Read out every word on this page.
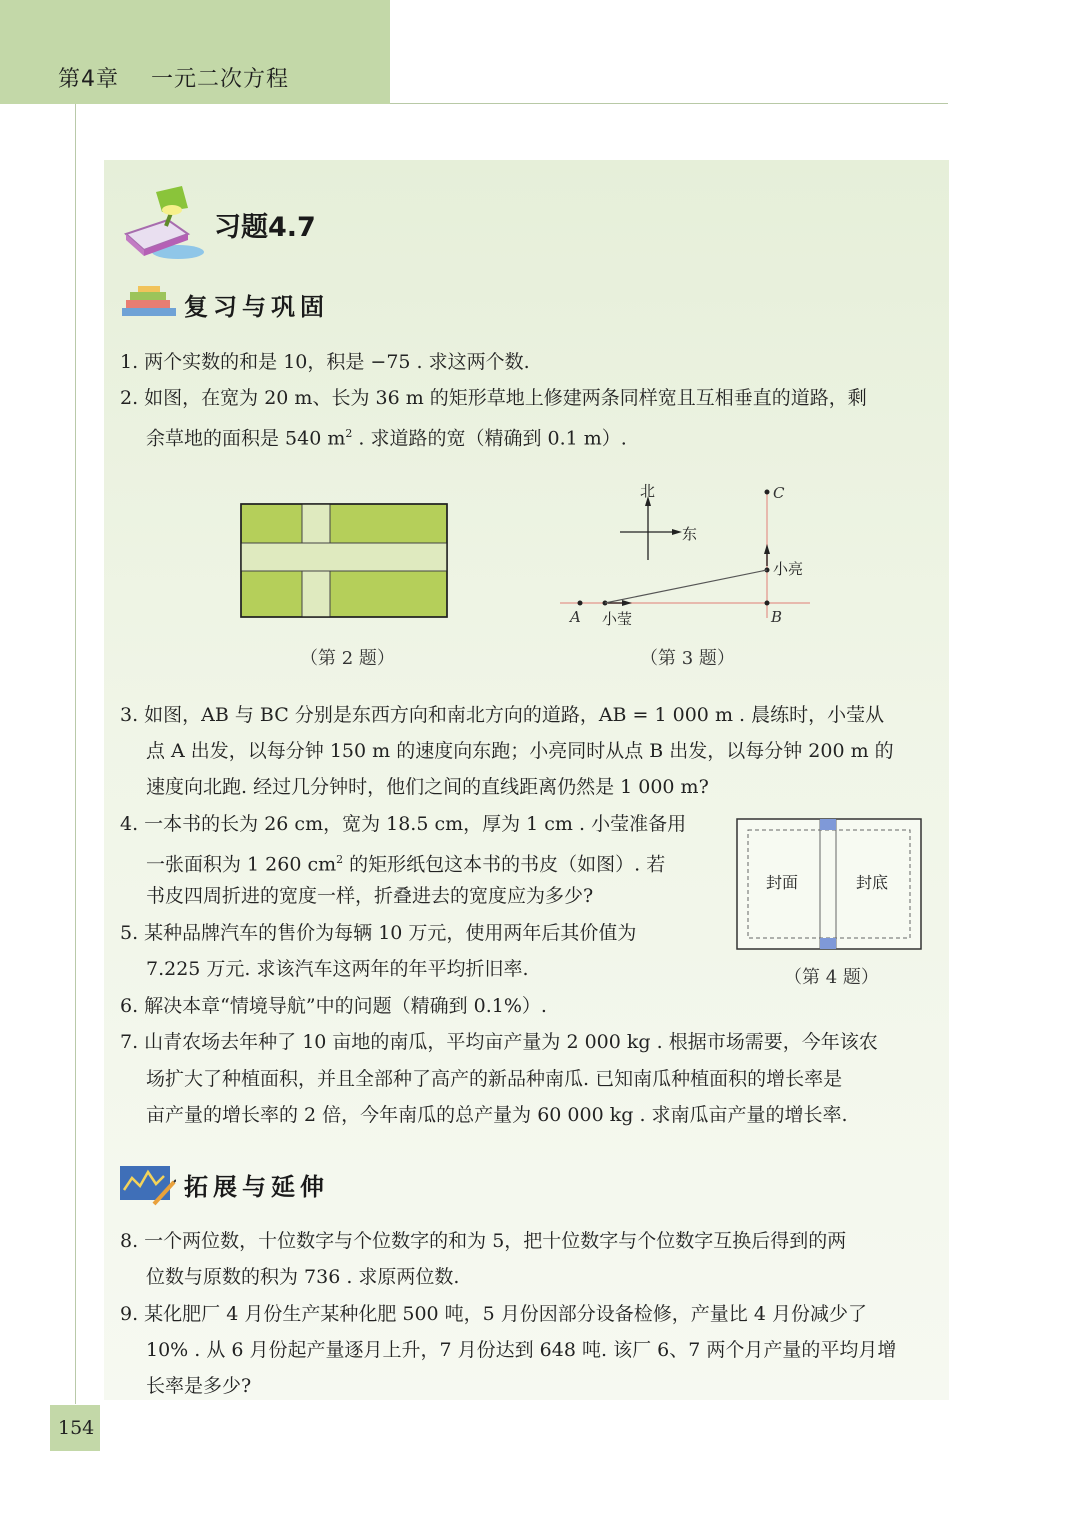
第4章    一元二次方程
习题4.7
复习与巩固
1. 两个实数的和是 10，积是 −75 . 求这两个数.
2. 如图，在宽为 20 m、长为 36 m 的矩形草地上修建两条同样宽且互相垂直的道路，剩
余草地的面积是 540 $m^2$ . 求道路的宽（精确到 0.1 m）.
（第 2 题）
北
东
C
小亮
A 小莹	B
（第 3 题）
3. 如图，AB 与 BC 分别是东西方向和南北方向的道路，AB = 1 000 m . 晨练时，小莹从
点 A 出发，以每分钟 150 m 的速度向东跑；小亮同时从点 B 出发，以每分钟 200 m 的
速度向北跑. 经过几分钟时，他们之间的直线距离仍然是 1 000 m?
4. 一本书的长为 26 cm，宽为 18.5 cm，厚为 1 cm . 小莹准备用
一张面积为 1 260 $cm^2$ 的矩形纸包这本书的书皮（如图）. 若
书皮四周折进的宽度一样，折叠进去的宽度应为多少?
封面	封底
（第 4 题）
5. 某种品牌汽车的售价为每辆 10 万元，使用两年后其价值为
7.225 万元. 求该汽车这两年的年平均折旧率.
6. 解决本章“情境导航”中的问题（精确到 0.1%）.
7. 山青农场去年种了 10 亩地的南瓜，平均亩产量为 2 000 kg . 根据市场需要，今年该农
场扩大了种植面积，并且全部种了高产的新品种南瓜. 已知南瓜种植面积的增长率是
亩产量的增长率的 2 倍，今年南瓜的总产量为 60 000 kg . 求南瓜亩产量的增长率.
拓展与延伸
8. 一个两位数，十位数字与个位数字的和为 5，把十位数字与个位数字互换后得到的两
位数与原数的积为 736 . 求原两位数.
9. 某化肥厂 4 月份生产某种化肥 500 吨，5 月份因部分设备检修，产量比 4 月份减少了
10% . 从 6 月份起产量逐月上升，7 月份达到 648 吨. 该厂 6、7 两个月产量的平均月增
长率是多少?
154
